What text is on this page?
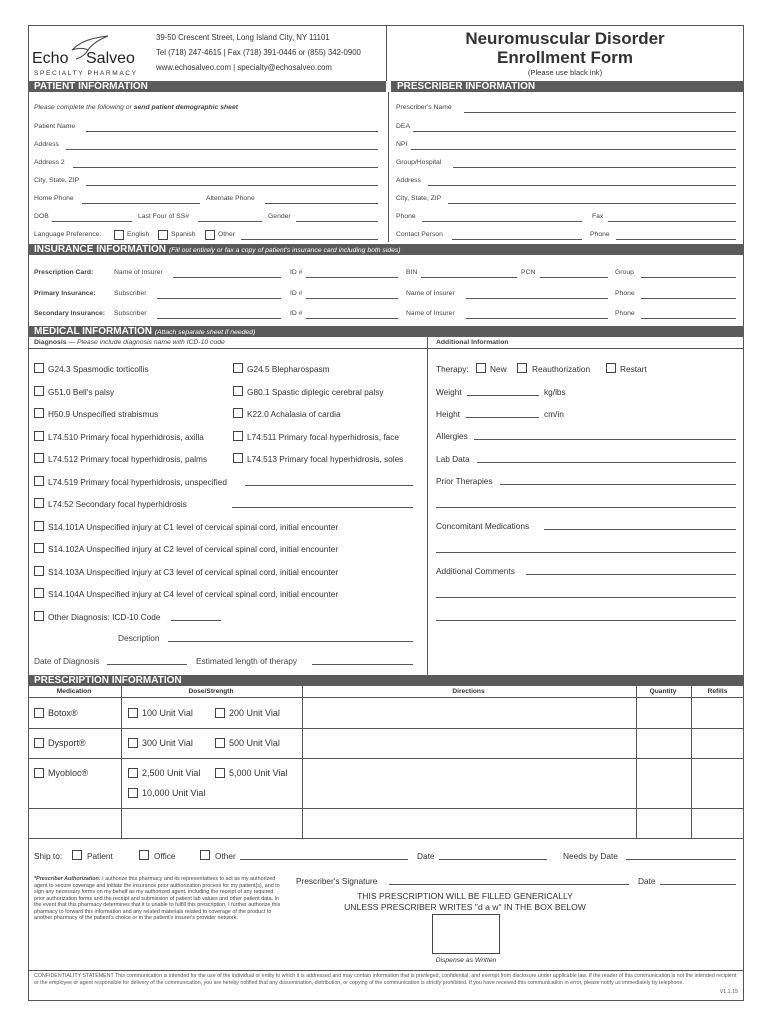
Echo Salveo
SPECIALTY PHARMACY
39-50 Crescent Street, Long Island City, NY 11101
Tel (718) 247-4615 | Fax (718) 391-0446 or (855) 342-0900
www.echosalveo.com | specialty@echosalveo.com
Neuromuscular Disorder
Enrollment Form
(Please use black ink)
PATIENT INFORMATION	PRESCRIBER INFORMATION
Please complete the following or send patient demographic sheet
Patient Name
Address
Address 2
City, State, ZIP
Home Phone	Alternate Phone
DOB	Last Four of SS#	Gender
Language Preference:	English	Spanish	Other
Prescriber's Name
DEA
NPI
Group/Hospital
Address
City, State, ZIP
Phone	Fax
Contact Person	Phone
INSURANCE INFORMATION (Fill out entirely or fax a copy of patient's insurance card including both sides)
Prescription Card:	Name of Insurer	ID #	BIN	PCN	Group
Primary Insurance:	Subscriber	ID #	Name of Insurer	Phone
Secondary Insurance: Subscriber	ID #	Name of Insurer	Phone
MEDICAL INFORMATION (Attach separate sheet if needed)
Diagnosis — Please include diagnosis name with ICD-10 code	Additional Information
G24.3 Spasmodic torticollis
G51.0 Bell's palsy
H50.9 Unspecified strabismus
L74.510 Primary focal hyperhidrosis, axilla
L74.512 Primary focal hyperhidrosis, palms
L74.519 Primary focal hyperhidrosis, unspecified
L74.52 Secondary focal hyperhidrosis
S14.101A Unspecified injury at C1 level of cervical spinal cord, initial encounter
S14.102A Unspecified injury at C2 level of cervical spinal cord, initial encounter
S14.103A Unspecified injury at C3 level of cervical spinal cord, initial encounter
S14.104A Unspecified injury at C4 level of cervical spinal cord, initial encounter
Other Diagnosis: ICD-10 Code
G24.5 Blepharospasm
G80.1 Spastic diplegic cerebral palsy
K22.0 Achalasia of cardia
L74.511 Primary focal hyperhidrosis, face
L74.513 Primary focal hyperhidrosis, soles
Description
Date of Diagnosis	Estimated length of therapy
Therapy:	New	Reauthorization	Restart
Weight	kg/lbs
Height	cm/in
Allergies
Lab Data
Prior Therapies
Concomitant Medications
Additional Comments
PRESCRIPTION INFORMATION
Medication	Dose/Strength	Directions	Quantity	Refills
Botox®	100 Unit Vial	200 Unit Vial
Dysport®	300 Unit Vial	500 Unit Vial
Myobloc®	2,500 Unit Vial	5,000 Unit Vial
10,000 Unit Vial
Ship to:	Patient	Office	Other	Date	Needs by Date
*Prescriber Authorization: I authorize this pharmacy and its representatives to act as my authorized agent to secure coverage and initiate the insurance prior authorization process for my patient(s), and to sign any necessary forms on my behalf as my authorized agent, including the receipt of any required prior authorization forms and the receipt and submission of patient lab values and other patient data. In the event that this pharmacy determines that it is unable to fulfill this prescription, I further authorize this pharmacy to forward this information and any related materials related to coverage of the product to another pharmacy of the patient's choice or in the patient's insurer's provider network.
Prescriber's Signature	Date
THIS PRESCRIPTION WILL BE FILLED GENERICALLY
UNLESS PRESCRIBER WRITES "d a w" IN THE BOX BELOW
Dispense as Written
CONFIDENTIALITY STATEMENT This communication is intended for the use of the individual or entity to which it is addressed and may contain information that is privileged, confidential, and exempt from disclosure under applicable law. If the reader of this communication is not the intended recipient or the employee or agent responsible for delivery of the communication, you are hereby notified that any dissemination, distribution, or copying of the communication is strictly prohibited. If you have received this communication in error, please notify us immediately by telephone.
V1.1.15
